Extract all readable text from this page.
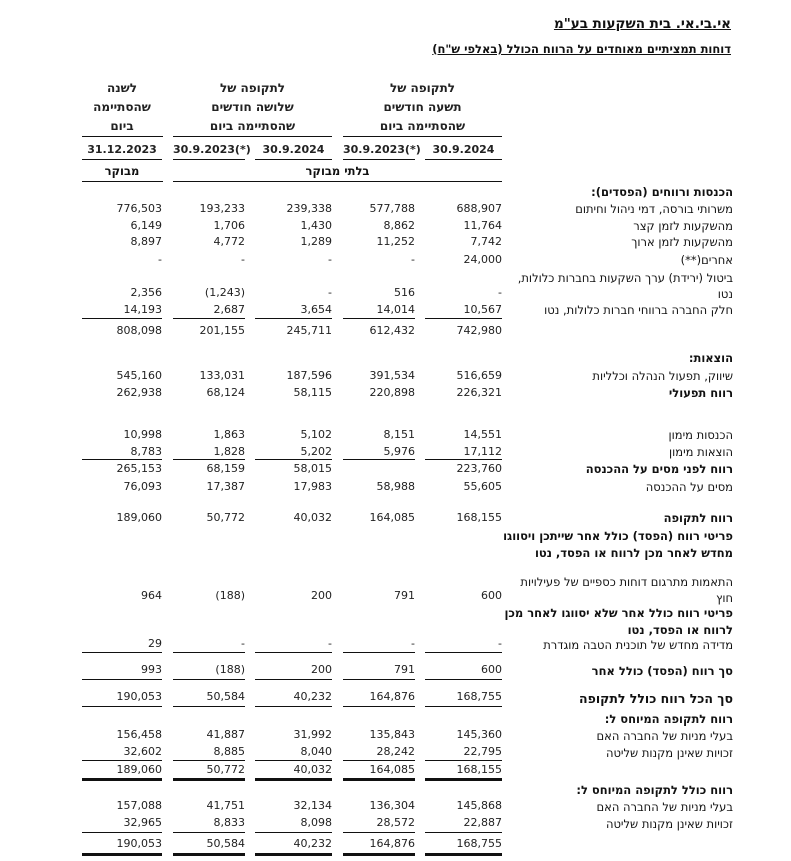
אי.בי.אי. בית השקעות בע"מ
דוחות תמציתיים מאוחדים על הרווח הכולל (באלפי ש"ח)
לתקופה של
תשעה חודשים
שהסתיימה ביום
לתקופה של
שלושה חודשים
שהסתיימה ביום
לשנה
שהסתיימה
ביום
30.9.2024
30.9.2023(*)
30.9.2024
30.9.2023(*)
31.12.2023
בלתי מבוקר
מבוקר
הכנסות ורווחים (הפסדים):
משרותי בורסה, דמי ניהול וחיתום
688,907
577,788
239,338
193,233
776,503
מהשקעות לזמן קצר
11,764
8,862
1,430
1,706
6,149
מהשקעות לזמן ארוך
7,742
11,252
1,289
4,772
8,897
אחרים(**)
24,000
-
-
-
-
ביטול (ירידת) ערך השקעות בחברות כלולות, נטו
-
516
-
(1,243)
2,356
חלק החברה ברווחי חברות כלולות, נטו
10,567
14,014
3,654
2,687
14,193
742,980
612,432
245,711
201,155
808,098
הוצאות:
שיווק, תפעול הנהלה וכלליות
516,659
391,534
187,596
133,031
545,160
רווח תפעולי
226,321
220,898
58,115
68,124
262,938
הכנסות מימון
14,551
8,151
5,102
1,863
10,998
הוצאות מימון
17,112
5,976
5,202
1,828
8,783
רווח לפני מסים על ההכנסה
223,760
58,015
68,159
265,153
מסים על ההכנסה
55,605
58,988
17,983
17,387
76,093
רווח לתקופה
168,155
164,085
40,032
50,772
189,060
פריטי רווח (הפסד) כולל אחר שייתכן ויסווגו מחדש לאחר מכן לרווח או הפסד, נטו
התאמות מתרגום דוחות כספיים של פעילויות חוץ
600
791
200
(188)
964
פריטי רווח כולל אחר שלא יסווגו לאחר מכן לרווח או הפסד, נטו
מדידה מחדש של תוכנית הטבה מוגדרת
-
-
-
-
29
סך רווח (הפסד) כולל אחר
600
791
200
(188)
993
סך הכל רווח כולל לתקופה
168,755
164,876
40,232
50,584
190,053
רווח לתקופה המיוחס ל:
בעלי מניות של החברה האם
145,360
135,843
31,992
41,887
156,458
זכויות שאינן מקנות שליטה
22,795
28,242
8,040
8,885
32,602
168,155
164,085
40,032
50,772
189,060
רווח כולל לתקופה המיוחס ל:
בעלי מניות של החברה האם
145,868
136,304
32,134
41,751
157,088
זכויות שאינן מקנות שליטה
22,887
28,572
8,098
8,833
32,965
168,755
164,876
40,232
50,584
190,053
